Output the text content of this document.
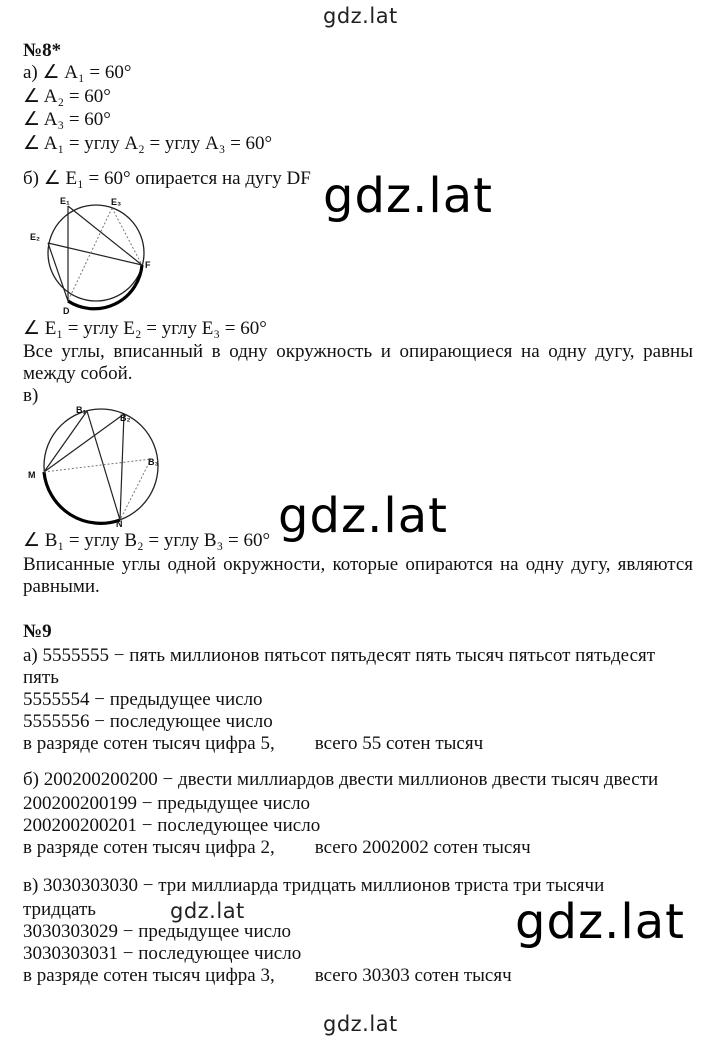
gdz.lat
gdz.lat
gdz.lat
gdz.lat	gdz.lat
gdz.lat
№8*
а) ∠ A₁ = 60°
∠ A₂ = 60°
∠ A₃ = 60°
∠ A₁ = углу A₂ = углу A₃ = 60°
б) ∠ E₁ = 60° опирается на дугу DF
E₁	E₃
E₂
F
D
∠ E₁ = углу E₂ = углу E₃ = 60°
Все углы, вписанный в одну окружность и опирающиеся на одну дугу, равны между собой.
в)
B₁
B₂
B₃
M
N
∠ B₁ = углу B₂ = углу B₃ = 60°
Вписанные углы одной окружности, которые опираются на одну дугу, являются равными.
№9
а) 5555555 − пять миллионов пятьсот пятьдесят пять тысяч пятьсот пятьдесят
пять
5555554 − предыдущее число
5555556 − последующее число
в разряде сотен тысяч цифра 5, всего 55 сотен тысяч
б) 200200200200 − двести миллиардов двести миллионов двести тысяч двести
200200200199 − предыдущее число
200200200201 − последующее число
в разряде сотен тысяч цифра 2, всего 2002002 сотен тысяч
в) 3030303030 − три миллиарда тридцать миллионов триста три тысячи
тридцать
3030303029 − предыдущее число
3030303031 − последующее число
в разряде сотен тысяч цифра 3, всего 30303 сотен тысяч
